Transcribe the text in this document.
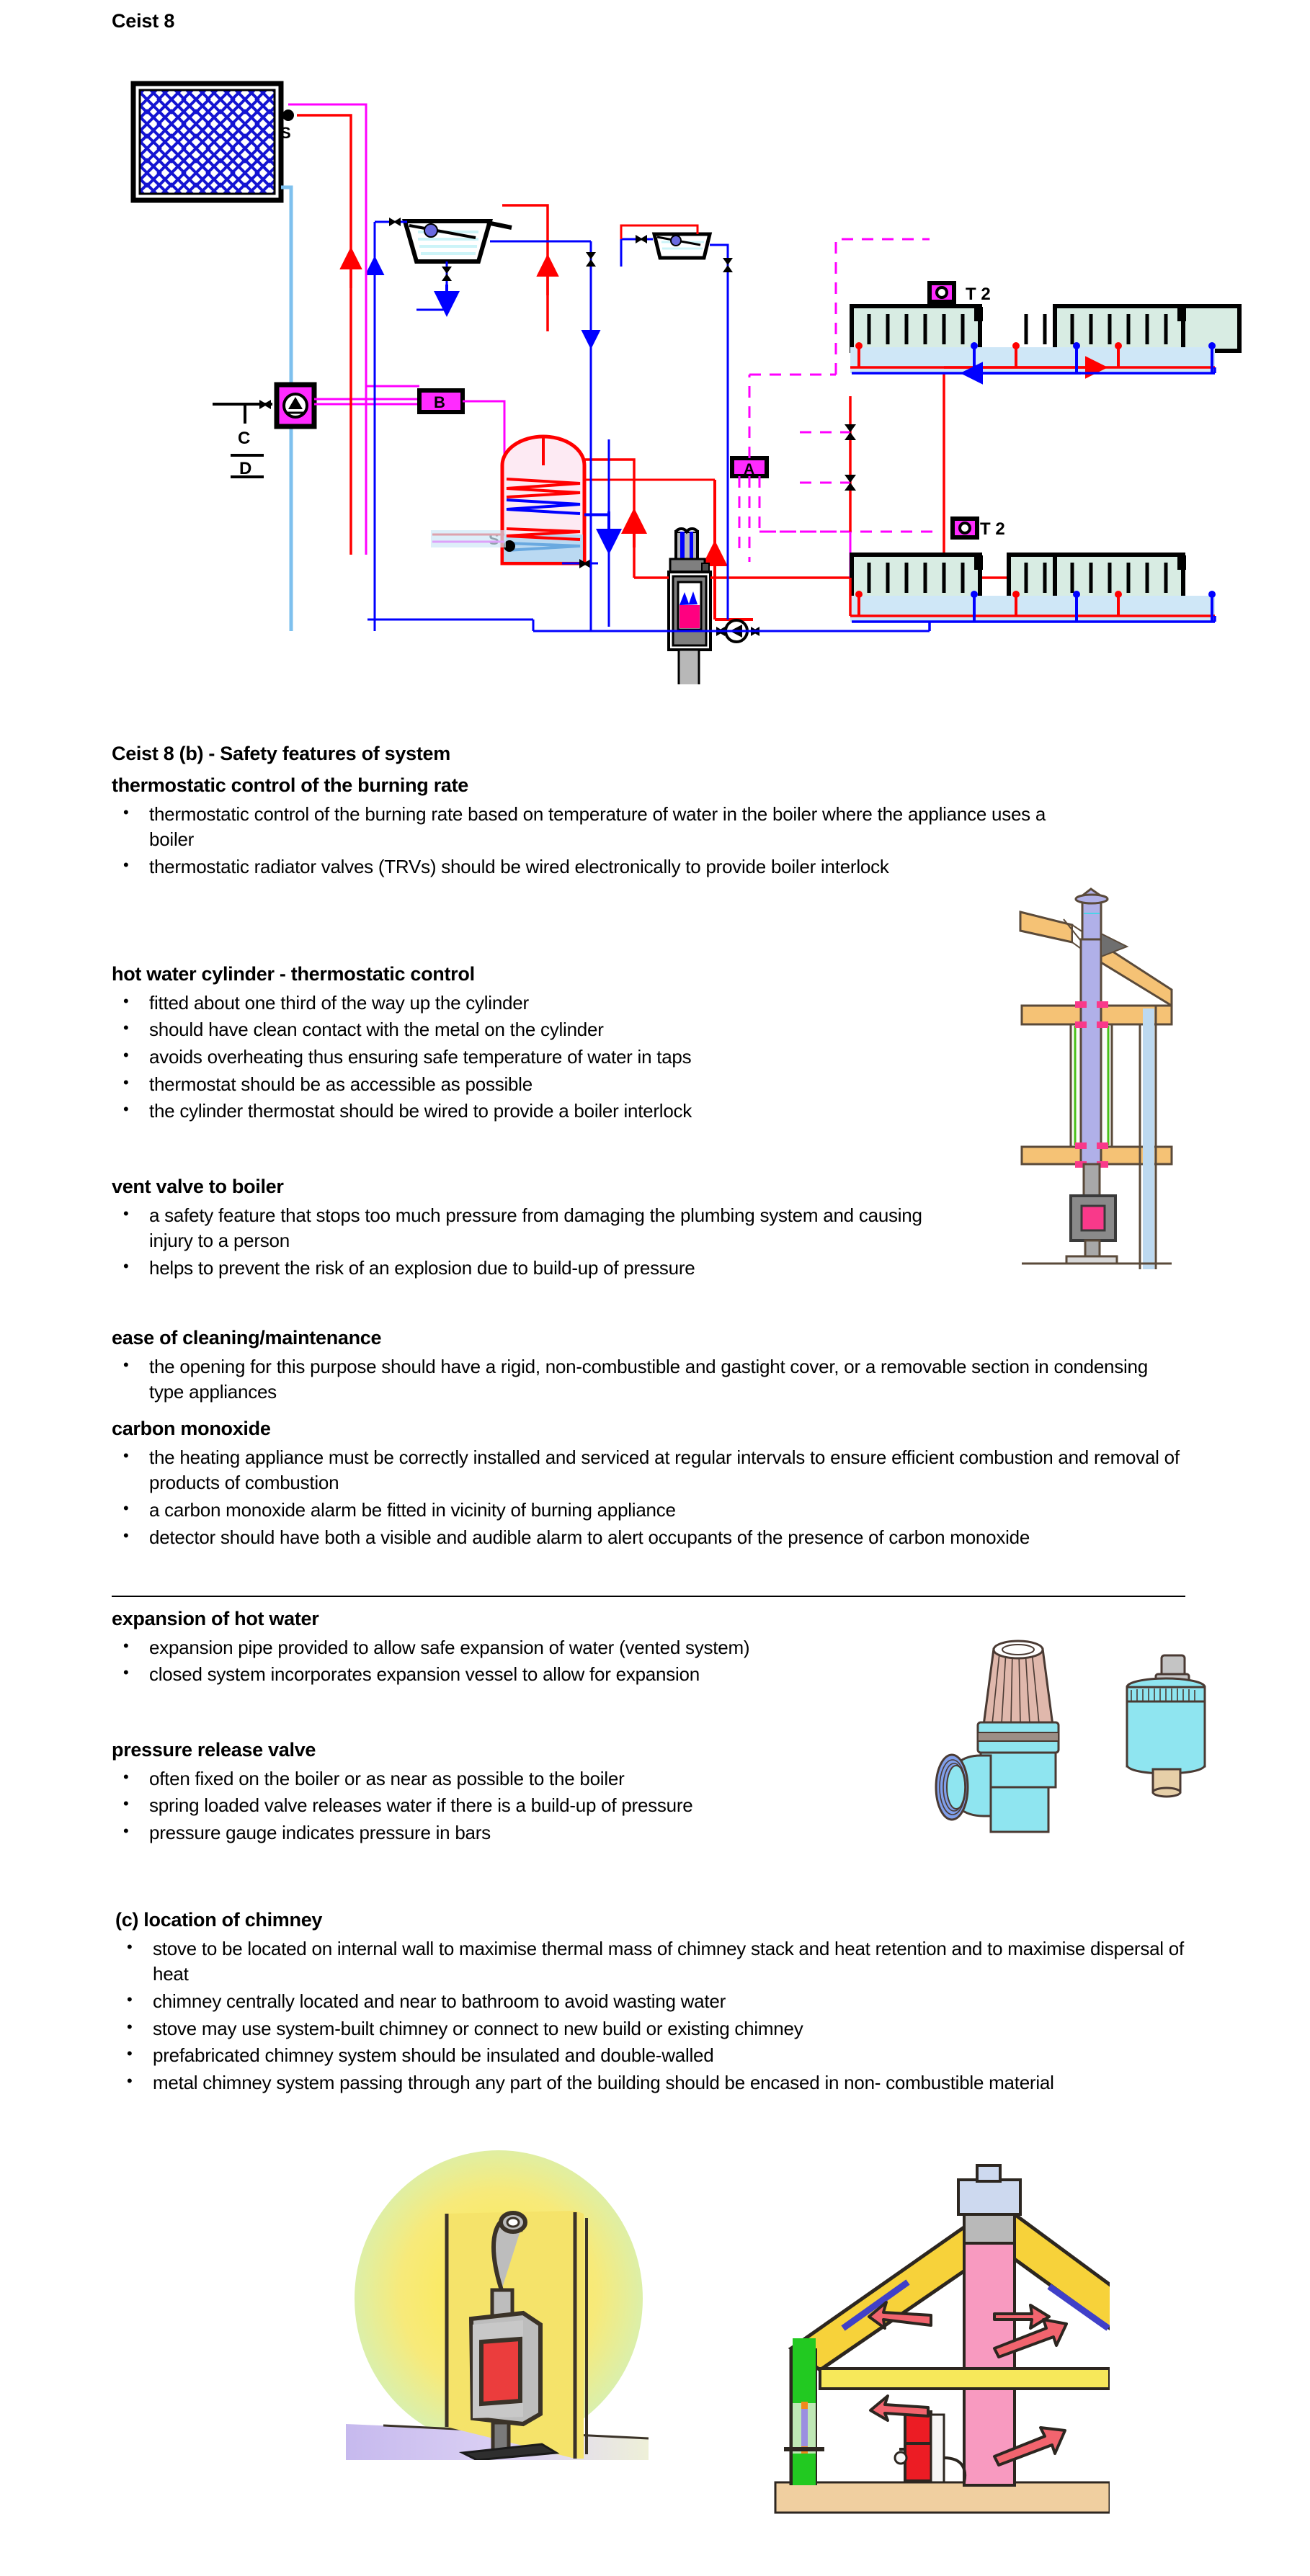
Ceist 8
S
C
D
B
A
T 2
T 2
Ceist 8 (b) - Safety features of system
thermostatic control of the burning rate
• thermostatic control of the burning rate based on temperature of water in the boiler where the appliance uses a boiler
• thermostatic radiator valves (TRVs) should be wired electronically to provide boiler interlock
hot water cylinder - thermostatic control
• fitted about one third of the way up the cylinder
• should have clean contact with the metal on the cylinder
• avoids overheating thus ensuring safe temperature of water in taps
• thermostat should be as accessible as possible
• the cylinder thermostat should be wired to provide a boiler interlock
vent valve to boiler
• a safety feature that stops too much pressure from damaging the plumbing system and causing injury to a person
• helps to prevent the risk of an explosion due to build-up of pressure
ease of cleaning/maintenance
• the opening for this purpose should have a rigid, non-combustible and gastight cover, or a removable section in condensing type appliances
carbon monoxide
• the heating appliance must be correctly installed and serviced at regular intervals to ensure efficient combustion and removal of products of combustion
• a carbon monoxide alarm be fitted in vicinity of burning appliance
• detector should have both a visible and audible alarm to alert occupants of the presence of carbon monoxide
expansion of hot water
• expansion pipe provided to allow safe expansion of water (vented system)
• closed system incorporates expansion vessel to allow for expansion
pressure release valve
• often fixed on the boiler or as near as possible to the boiler
• spring loaded valve releases water if there is a build-up of pressure
• pressure gauge indicates pressure in bars
(c) location of chimney
• stove to be located on internal wall to maximise thermal mass of chimney stack and heat retention and to maximise dispersal of heat
• chimney centrally located and near to bathroom to avoid wasting water
• stove may use system-built chimney or connect to new build or existing chimney
• prefabricated chimney system should be insulated and double-walled
• metal chimney system passing through any part of the building should be encased in non- combustible material
